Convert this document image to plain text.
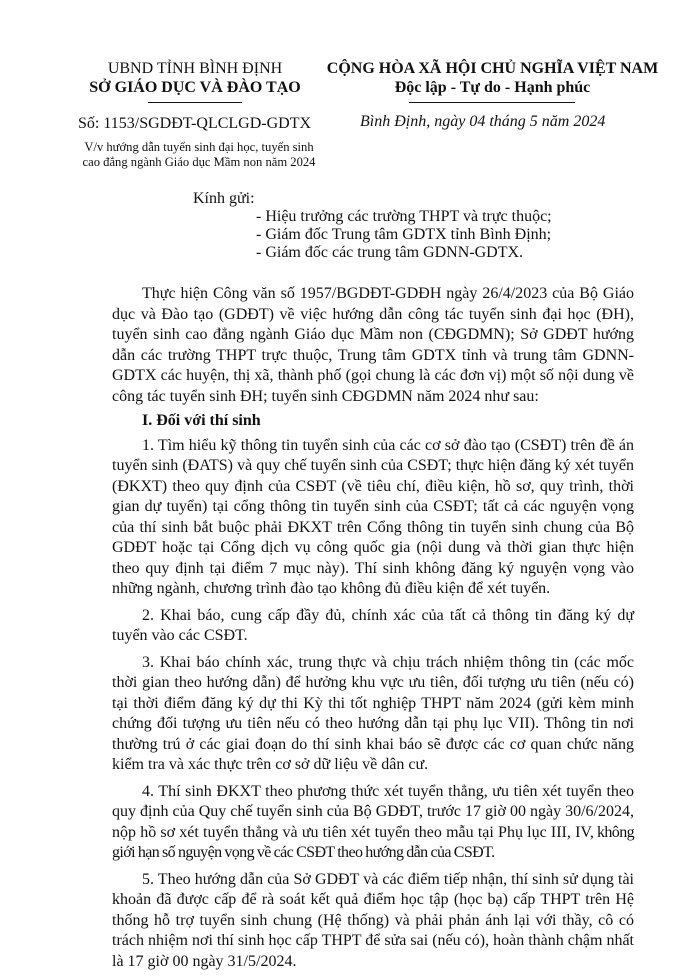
UBND TỈNH BÌNH ĐỊNH
SỞ GIÁO DỤC VÀ ĐÀO TẠO
CỘNG HÒA XÃ HỘI CHỦ NGHĨA VIỆT NAM
Độc lập - Tự do - Hạnh phúc
Số: 1153/SGDĐT-QLCLGD-GDTX	Bình Định, ngày 04 tháng 5 năm 2024
V/v hướng dẫn tuyển sinh đại học, tuyển sinh
cao đẳng ngành Giáo dục Mầm non năm 2024
Kính gửi:
- Hiệu trưởng các trường THPT và trực thuộc;
- Giám đốc Trung tâm GDTX tỉnh Bình Định;
- Giám đốc các trung tâm GDNN-GDTX.

Thực hiện Công văn số 1957/BGDĐT-GDĐH ngày 26/4/2023 của Bộ Giáo dục và Đào tạo (GDĐT) về việc hướng dẫn công tác tuyển sinh đại học (ĐH), tuyển sinh cao đẳng ngành Giáo dục Mầm non (CĐGDMN); Sở GDĐT hướng dẫn các trường THPT trực thuộc, Trung tâm GDTX tỉnh và trung tâm GDNN-GDTX các huyện, thị xã, thành phố (gọi chung là các đơn vị) một số nội dung về công tác tuyển sinh ĐH; tuyển sinh CĐGDMN năm 2024 như sau:

I. Đối với thí sinh

1. Tìm hiểu kỹ thông tin tuyển sinh của các cơ sở đào tạo (CSĐT) trên đề án tuyển sinh (ĐATS) và quy chế tuyển sinh của CSĐT; thực hiện đăng ký xét tuyển (ĐKXT) theo quy định của CSĐT (về tiêu chí, điều kiện, hồ sơ, quy trình, thời gian dự tuyển) tại cổng thông tin tuyển sinh của CSĐT; tất cả các nguyện vọng của thí sinh bắt buộc phải ĐKXT trên Cổng thông tin tuyển sinh chung của Bộ GDĐT hoặc tại Cổng dịch vụ công quốc gia (nội dung và thời gian thực hiện theo quy định tại điểm 7 mục này). Thí sinh không đăng ký nguyện vọng vào những ngành, chương trình đào tạo không đủ điều kiện để xét tuyển.

2. Khai báo, cung cấp đầy đủ, chính xác của tất cả thông tin đăng ký dự tuyển vào các CSĐT.

3. Khai báo chính xác, trung thực và chịu trách nhiệm thông tin (các mốc thời gian theo hướng dẫn) để hưởng khu vực ưu tiên, đối tượng ưu tiên (nếu có) tại thời điểm đăng ký dự thi Kỳ thi tốt nghiệp THPT năm 2024 (gửi kèm minh chứng đối tượng ưu tiên nếu có theo hướng dẫn tại phụ lục VII). Thông tin nơi thường trú ở các giai đoạn do thí sinh khai báo sẽ được các cơ quan chức năng kiểm tra và xác thực trên cơ sở dữ liệu về dân cư.

4. Thí sinh ĐKXT theo phương thức xét tuyển thẳng, ưu tiên xét tuyển theo quy định của Quy chế tuyển sinh của Bộ GDĐT, trước 17 giờ 00 ngày 30/6/2024, nộp hồ sơ xét tuyển thẳng và ưu tiên xét tuyển theo mẫu tại Phụ lục III, IV, không giới hạn số nguyện vọng về các CSĐT theo hướng dẫn của CSĐT.

5. Theo hướng dẫn của Sở GDĐT và các điểm tiếp nhận, thí sinh sử dụng tài khoản đã được cấp để rà soát kết quả điểm học tập (học bạ) cấp THPT trên Hệ thống hỗ trợ tuyển sinh chung (Hệ thống) và phải phản ánh lại với thầy, cô có trách nhiệm nơi thí sinh học cấp THPT để sửa sai (nếu có), hoàn thành chậm nhất là 17 giờ 00 ngày 31/5/2024.
